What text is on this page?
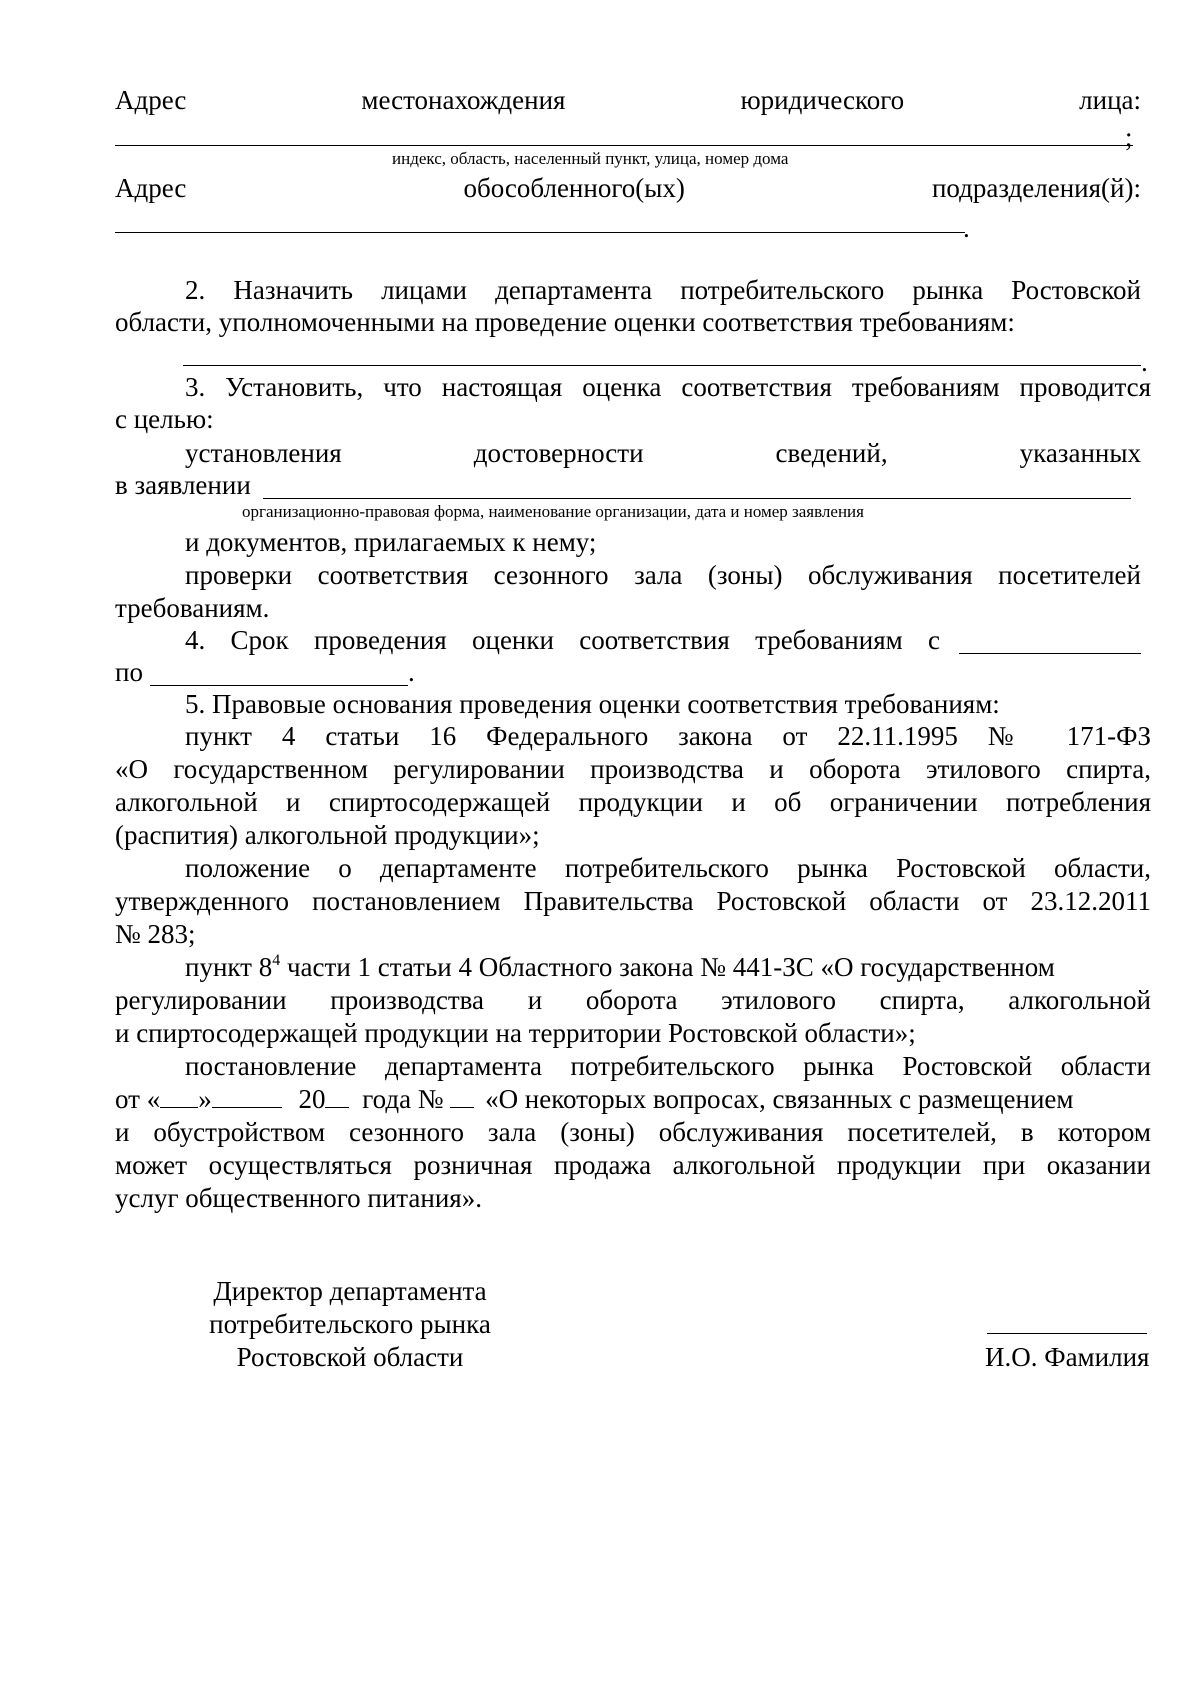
Адрес	местонахождения	юридического	лица:
;
индекс, область, населенный пункт, улица, номер дома
Адрес	обособленного(ых)	подразделения(й):
.
2. Назначить лицами департамента потребительского рынка Ростовской
области, уполномоченными на проведение оценки соответствия требованиям:
.
3. Установить, что настоящая оценка соответствия требованиям проводится
с целью:
установления	достоверности	сведений,	указанных
в заявлении
организационно-правовая форма, наименование организации, дата и номер заявления
и документов, прилагаемых к нему;
проверки соответствия сезонного зала (зоны) обслуживания посетителей
требованиям.
4. Срок проведения оценки соответствия требованиям с
по	.
5. Правовые основания проведения оценки соответствия требованиям:
пункт 4 статьи 16 Федерального закона от 22.11.1995 № 171-ФЗ
«О государственном регулировании производства и оборота этилового спирта,
алкогольной и спиртосодержащей продукции и об ограничении потребления
(распития) алкогольной продукции»;
положение о департаменте потребительского рынка Ростовской области,
утвержденного постановлением Правительства Ростовской области от 23.12.2011
№ 283;
пункт $8^4$ части 1 статьи 4 Областного закона № 441-ЗС «О государственном
регулировании производства и оборота этилового спирта, алкогольной
и спиртосодержащей продукции на территории Ростовской области»;
постановление департамента потребительского рынка Ростовской области
от « »	20 года № «О некоторых вопросах, связанных с размещением
и обустройством сезонного зала (зоны) обслуживания посетителей, в котором
может осуществляться розничная продажа алкогольной продукции при оказании
услуг общественного питания».
Директор департамента
потребительского рынка
Ростовской области	И.О. Фамилия
